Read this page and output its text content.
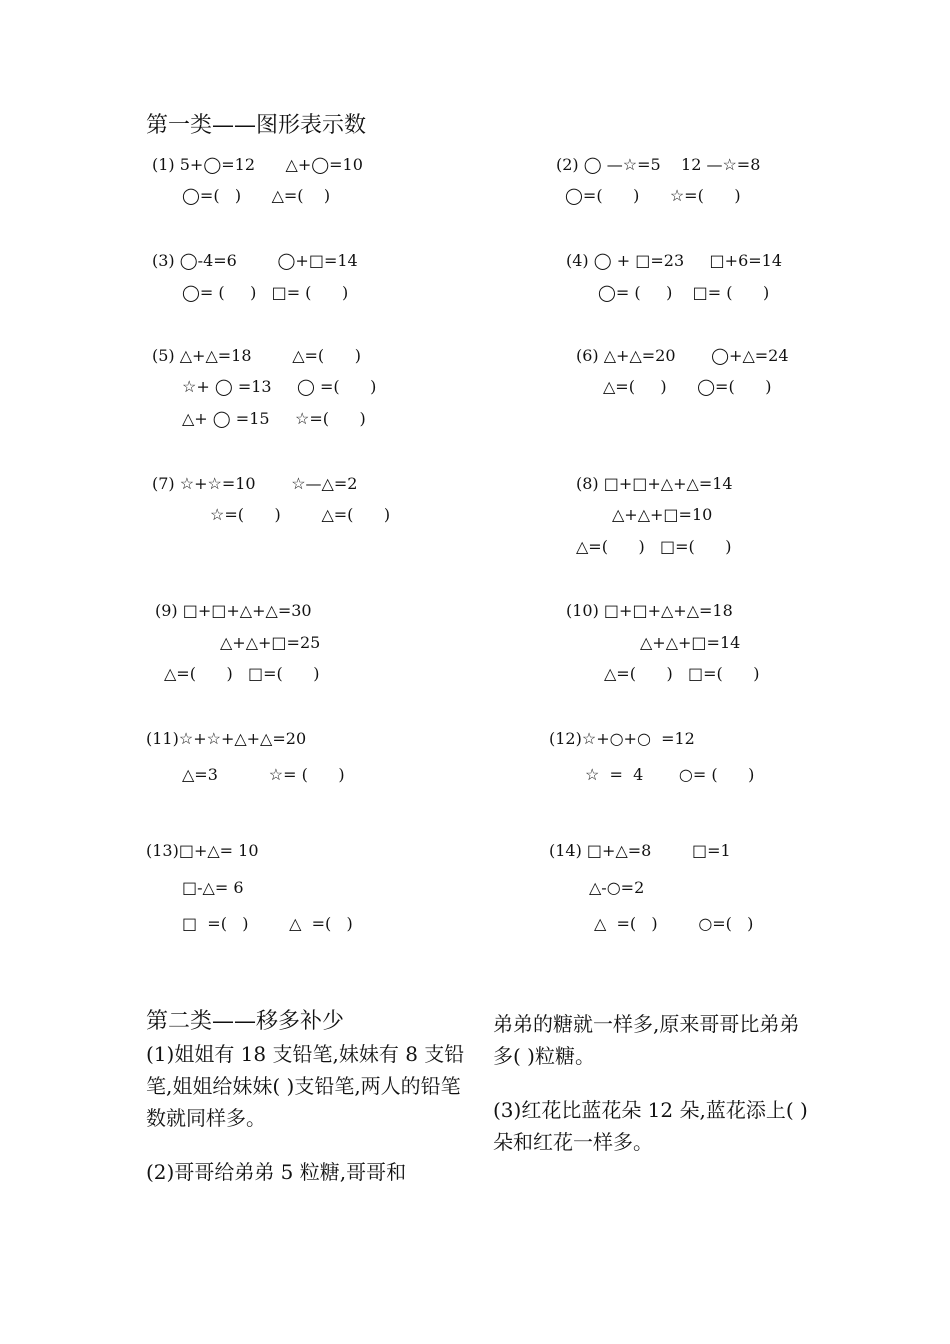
第一类——图形表示数
(1) 5+◯=12      △+◯=10
◯=(   )      △=(    )
(2) ◯ —☆=5    12 —☆=8
◯=(      )      ☆=(      )
(3) ◯-4=6        ◯+□=14
◯= (     )   □= (      )
(4) ◯ + □=23     □+6=14
◯= (     )    □= (      )
(5) △+△=18        △=(      )
☆+ ◯ =13     ◯ =(      )
△+ ◯ =15     ☆=(      )
(6) △+△=20       ◯+△=24
△=(     )      ◯=(      )
(7) ☆+☆=10       ☆—△=2
☆=(      )        △=(      )
(8) □+□+△+△=14
△+△+□=10
△=(      )   □=(      )
(9) □+□+△+△=30
△+△+□=25
△=(      )   □=(      )
(10) □+□+△+△=18
△+△+□=14
△=(      )   □=(      )
(11)☆+☆+△+△=20
△=3          ☆= (      )
(12)☆+○+○  =12
☆  =  4       ○= (      )
(13)□+△= 10
□-△= 6
□  =(   )        △  =(   )
(14) □+△=8        □=1
△-○=2
△  =(   )        ○=(   )

第二类——移多补少

(1)姐姐有 18 支铅笔,妹妹有 8 支铅笔,姐姐给妹妹( )支铅笔,两人的铅笔数就同样多。

(2)哥哥给弟弟 5 粒糖,哥哥和

弟弟的糖就一样多,原来哥哥比弟弟多( )粒糖。

(3)红花比蓝花朵 12 朵,蓝花添上( )朵和红花一样多。
